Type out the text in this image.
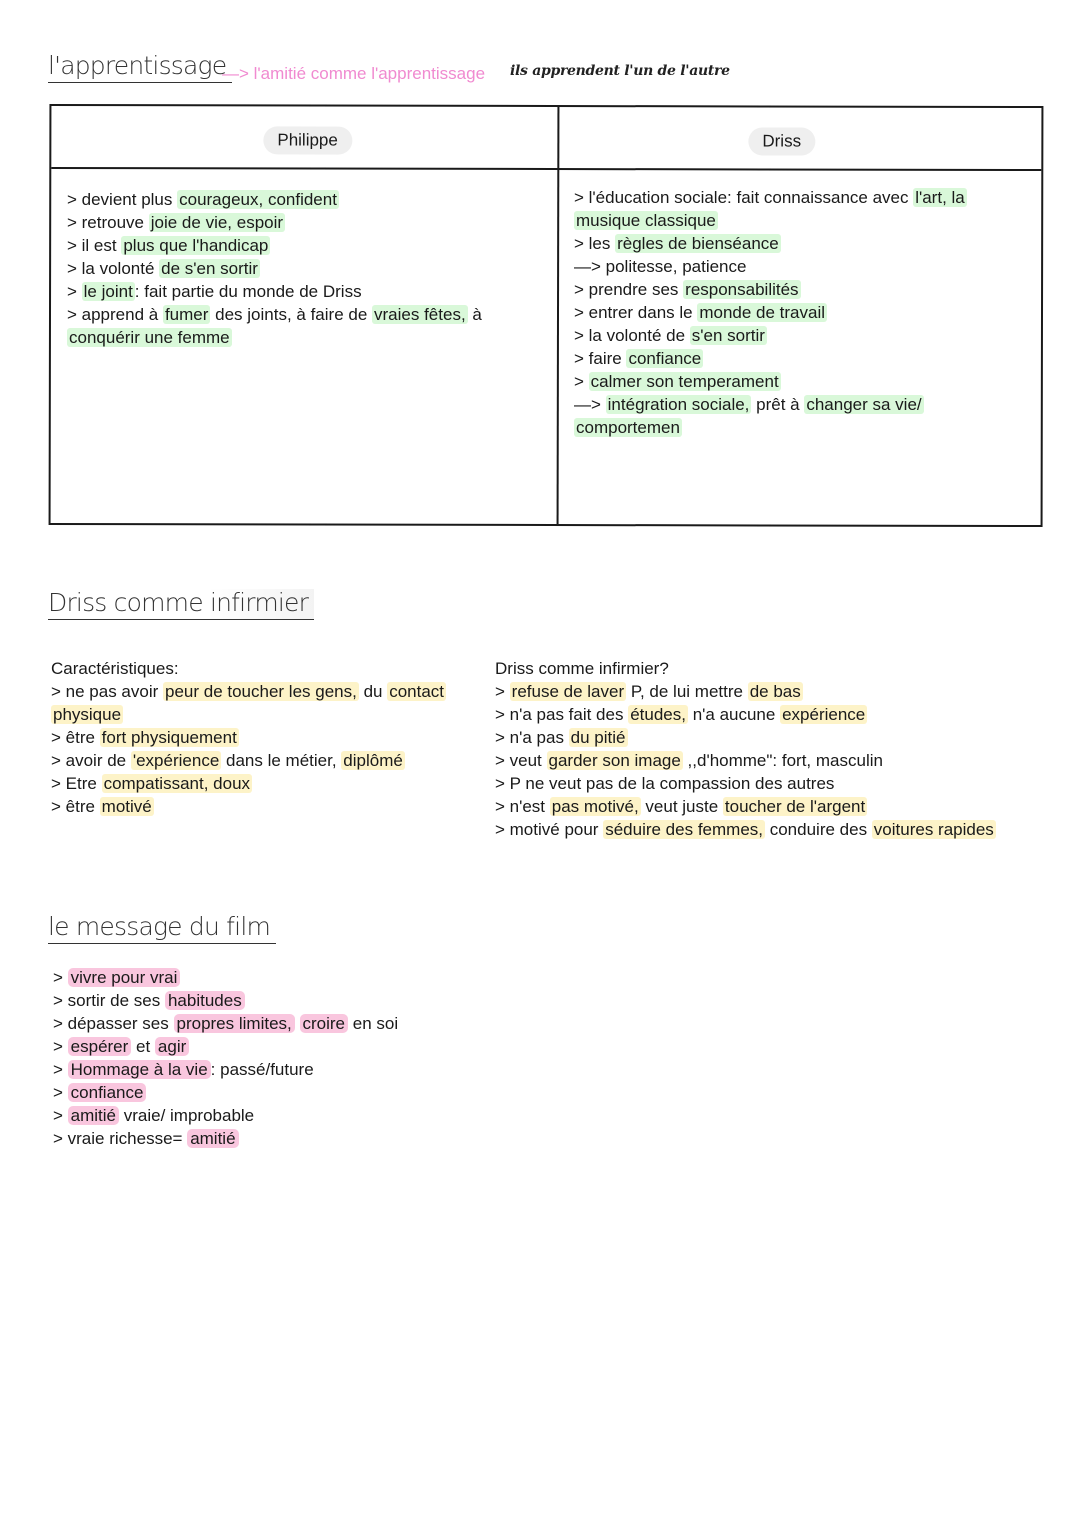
l'apprentissage
—> l'amitié comme l'apprentissage ils apprendent l'un de l'autre
Philippe	Driss

> devient plus courageux, confident

> retrouve joie de vie, espoir

> il est plus que l'handicap

> la volonté de s'en sortir

> le joint : fait partie du monde de Driss

> apprend à fumer des joints, à faire de vraies fêtes, à

conquérir une femme

> l'éducation sociale: fait connaissance avec l'art, la

musique classique

> les règles de bienséance

—> politesse, patience

> prendre ses responsabilités

> entrer dans le monde de travail

> la volonté de s'en sortir

> faire confiance

> calmer son temperament

—> intégration sociale, prêt à changer sa vie/

comportemen

Driss comme infirmier

Caractéristiques:

> ne pas avoir peur de toucher les gens, du contact

physique

> être fort physiquement

> avoir de 'expérience dans le métier, diplômé

> Etre compatissant, doux

> être motivé

Driss comme infirmier?

> refuse de laver P, de lui mettre de bas

> n'a pas fait des études, n'a aucune expérience

> n'a pas du pitié

> veut garder son image ,,d'homme": fort, masculin

> P ne veut pas de la compassion des autres

> n'est pas motivé, veut juste toucher de l'argent

> motivé pour séduire des femmes, conduire des voitures rapides

le message du film

> vivre pour vrai

> sortir de ses habitudes

> dépasser ses propres limites, croire en soi

> espérer et agir

> Hommage à la vie : passé/future

> confiance

> amitié vraie/ improbable

> vraie richesse= amitié
